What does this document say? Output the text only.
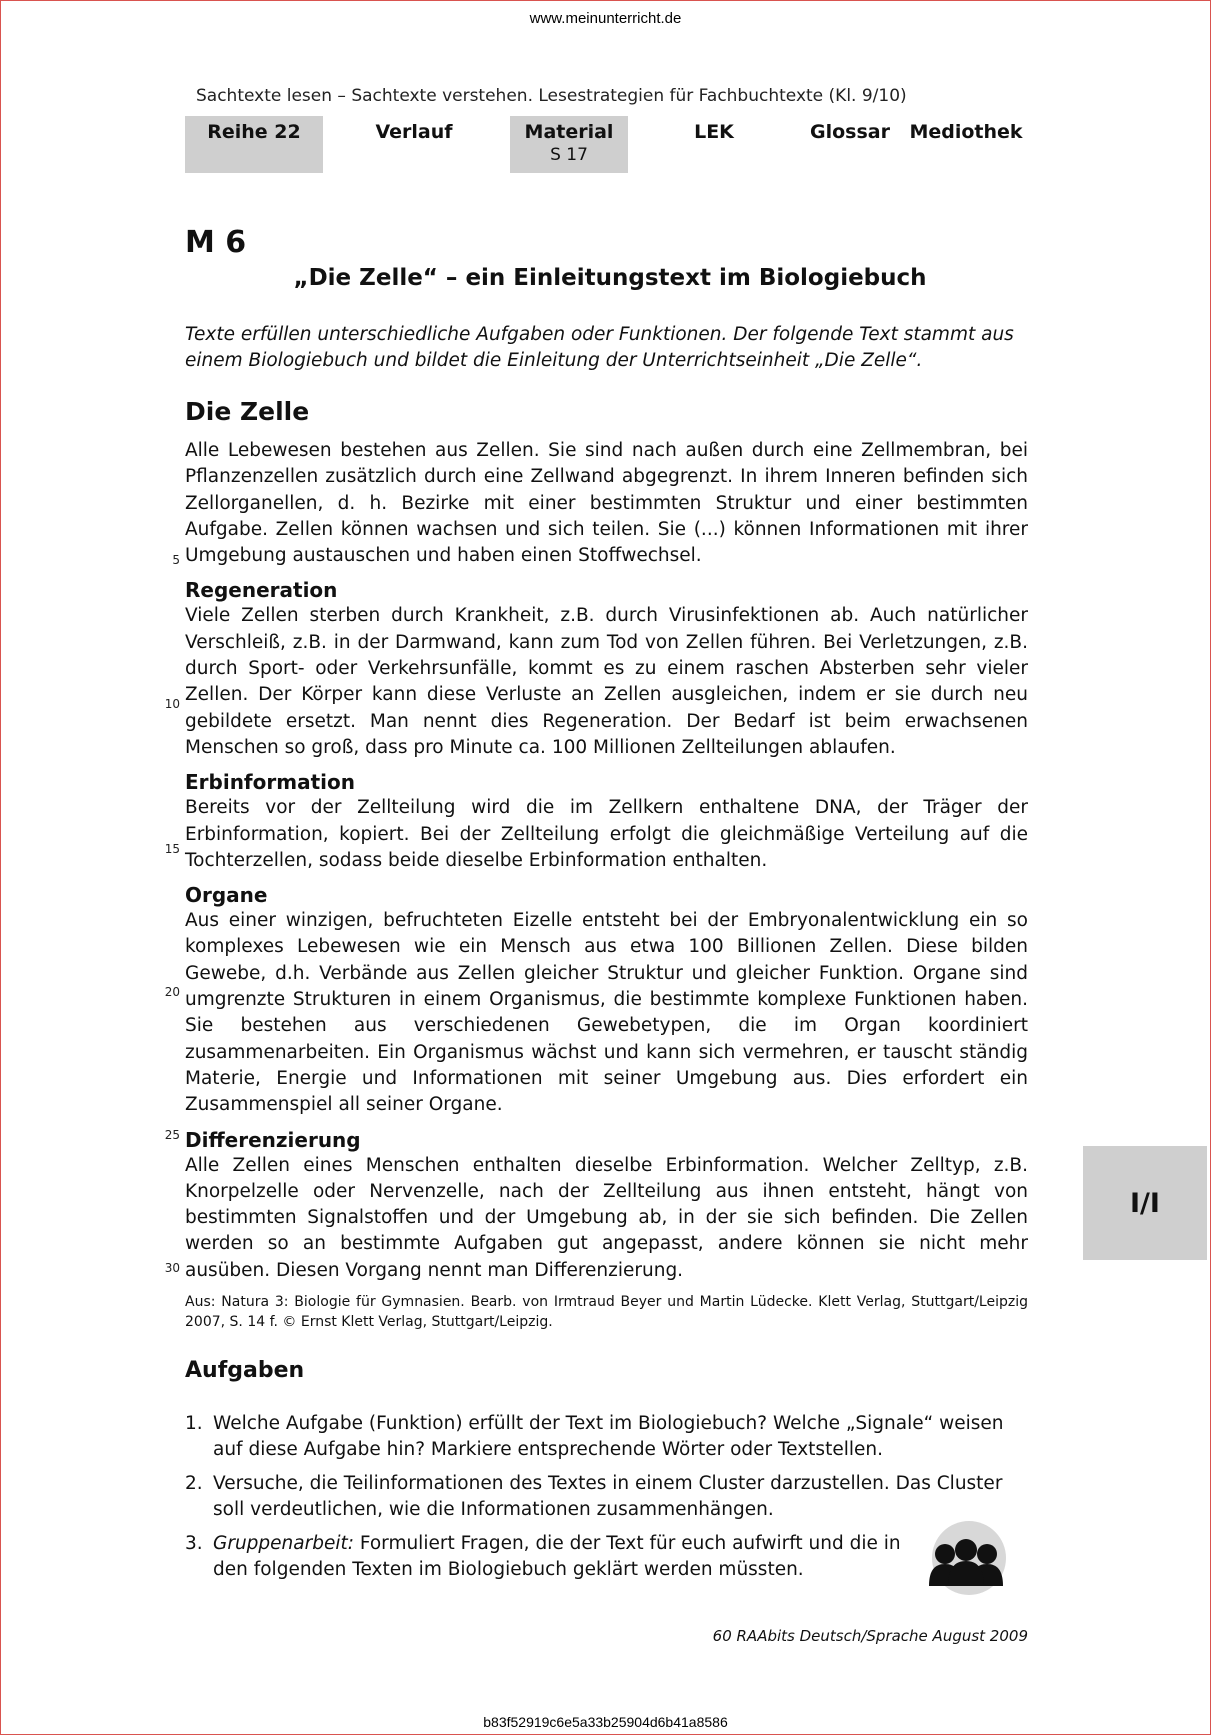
www.meinunterricht.de
Sachtexte lesen – Sachtexte verstehen. Lesestrategien für Fachbuchtexte (Kl. 9/10)
Reihe 22	Verlauf	Material
S 17
LEK	Glossar	Mediothek
M 6
„Die Zelle“ – ein Einleitungstext im Biologiebuch
Texte erfüllen unterschiedliche Aufgaben oder Funktionen. Der folgende Text stammt aus einem Biologiebuch und bildet die Einleitung der Unterrichtseinheit „Die Zelle“.
Die Zelle

Alle Lebewesen bestehen aus Zellen. Sie sind nach außen durch eine Zellmembran, bei Pflanzenzellen zusätzlich durch eine Zellwand abgegrenzt. In ihrem Inneren befinden sich Zellorganellen, d. h. Bezirke mit einer bestimmten Struktur und einer bestimmten Aufgabe. Zellen können wachsen und sich teilen. Sie (...) können Informationen mit ihrer Umgebung austauschen und haben einen Stoffwechsel.

Regeneration

Viele Zellen sterben durch Krankheit, z.B. durch Virusinfektionen ab. Auch natürlicher Verschleiß, z.B. in der Darmwand, kann zum Tod von Zellen führen. Bei Verletzungen, z.B. durch Sport- oder Verkehrsunfälle, kommt es zu einem raschen Absterben sehr vieler Zellen. Der Körper kann diese Verluste an Zellen ausgleichen, indem er sie durch neu gebildete ersetzt. Man nennt dies Regeneration. Der Bedarf ist beim erwachsenen Menschen so groß, dass pro Minute ca. 100 Millionen Zellteilungen ablaufen.

Erbinformation

Bereits vor der Zellteilung wird die im Zellkern enthaltene DNA, der Träger der Erbinformation, kopiert. Bei der Zellteilung erfolgt die gleichmäßige Verteilung auf die Tochterzellen, sodass beide dieselbe Erbinformation enthalten.

Organe

Aus einer winzigen, befruchteten Eizelle entsteht bei der Embryonalentwicklung ein so komplexes Lebewesen wie ein Mensch aus etwa 100 Billionen Zellen. Diese bilden Gewebe, d.h. Verbände aus Zellen gleicher Struktur und gleicher Funktion. Organe sind umgrenzte Strukturen in einem Organismus, die bestimmte komplexe Funktionen haben. Sie bestehen aus verschiedenen Gewebetypen, die im Organ koordiniert zusammenarbeiten. Ein Organismus wächst und kann sich vermehren, er tauscht ständig Materie, Energie und Informationen mit seiner Umgebung aus. Dies erfordert ein Zusammenspiel all seiner Organe.

Differenzierung

Alle Zellen eines Menschen enthalten dieselbe Erbinformation. Welcher Zelltyp, z.B. Knorpelzelle oder Nervenzelle, nach der Zellteilung aus ihnen entsteht, hängt von bestimmten Signalstoffen und der Umgebung ab, in der sie sich befinden. Die Zellen werden so an bestimmte Aufgaben gut angepasst, andere können sie nicht mehr ausüben. Diesen Vorgang nennt man Differenzierung.

5
10
15
20
25
30
Aus: Natura 3: Biologie für Gymnasien. Bearb. von Irmtraud Beyer und Martin Lüdecke. Klett Verlag, Stuttgart/Leipzig 2007, S. 14 f. © Ernst Klett Verlag, Stuttgart/Leipzig.
Aufgaben
1. Welche Aufgabe (Funktion) erfüllt der Text im Biologiebuch? Welche „Signale“ weisen auf diese Aufgabe hin? Markiere entsprechende Wörter oder Textstellen.
2. Versuche, die Teilinformationen des Textes in einem Cluster darzustellen. Das Cluster soll verdeutlichen, wie die Informationen zusammenhängen.
3. Gruppenarbeit: Formuliert Fragen, die der Text für euch aufwirft und die in den folgenden Texten im Biologiebuch geklärt werden müssten.
60 RAAbits Deutsch/Sprache August 2009
I/I
b83f52919c6e5a33b25904d6b41a8586
